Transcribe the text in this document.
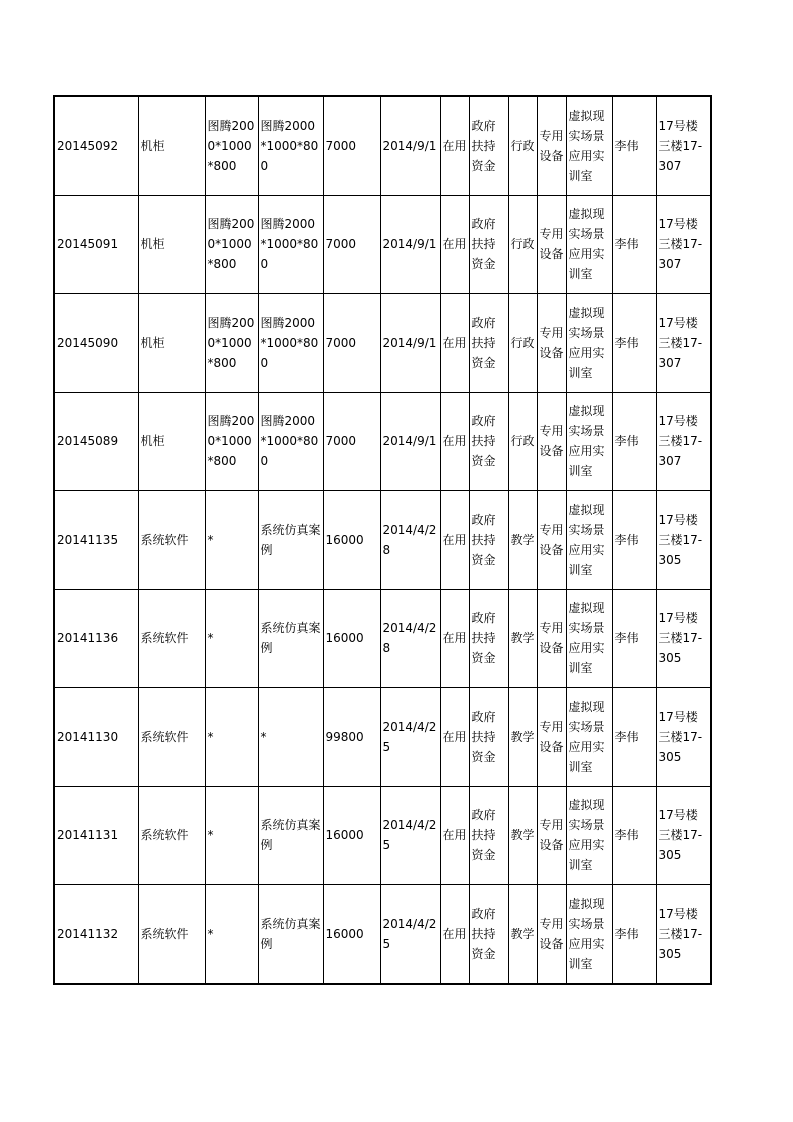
20145092	机柜	图腾2000*1000*800	图腾2000*1000*800	7000	2014/9/1	在用	政府扶持资金	行政	专用设备	虚拟现实场景应用实训室	李伟	17号楼三楼17-307
20145091	机柜	图腾2000*1000*800	图腾2000*1000*800	7000	2014/9/1	在用	政府扶持资金	行政	专用设备	虚拟现实场景应用实训室	李伟	17号楼三楼17-307
20145090	机柜	图腾2000*1000*800	图腾2000*1000*800	7000	2014/9/1	在用	政府扶持资金	行政	专用设备	虚拟现实场景应用实训室	李伟	17号楼三楼17-307
20145089	机柜	图腾2000*1000*800	图腾2000*1000*800	7000	2014/9/1	在用	政府扶持资金	行政	专用设备	虚拟现实场景应用实训室	李伟	17号楼三楼17-307
20141135	系统软件	*	系统仿真案例	16000	2014/4/28	在用	政府扶持资金	教学	专用设备	虚拟现实场景应用实训室	李伟	17号楼三楼17-305
20141136	系统软件	*	系统仿真案例	16000	2014/4/28	在用	政府扶持资金	教学	专用设备	虚拟现实场景应用实训室	李伟	17号楼三楼17-305
20141130	系统软件	*	*	99800	2014/4/25	在用	政府扶持资金	教学	专用设备	虚拟现实场景应用实训室	李伟	17号楼三楼17-305
20141131	系统软件	*	系统仿真案例	16000	2014/4/25	在用	政府扶持资金	教学	专用设备	虚拟现实场景应用实训室	李伟	17号楼三楼17-305
20141132	系统软件	*	系统仿真案例	16000	2014/4/25	在用	政府扶持资金	教学	专用设备	虚拟现实场景应用实训室	李伟	17号楼三楼17-305
